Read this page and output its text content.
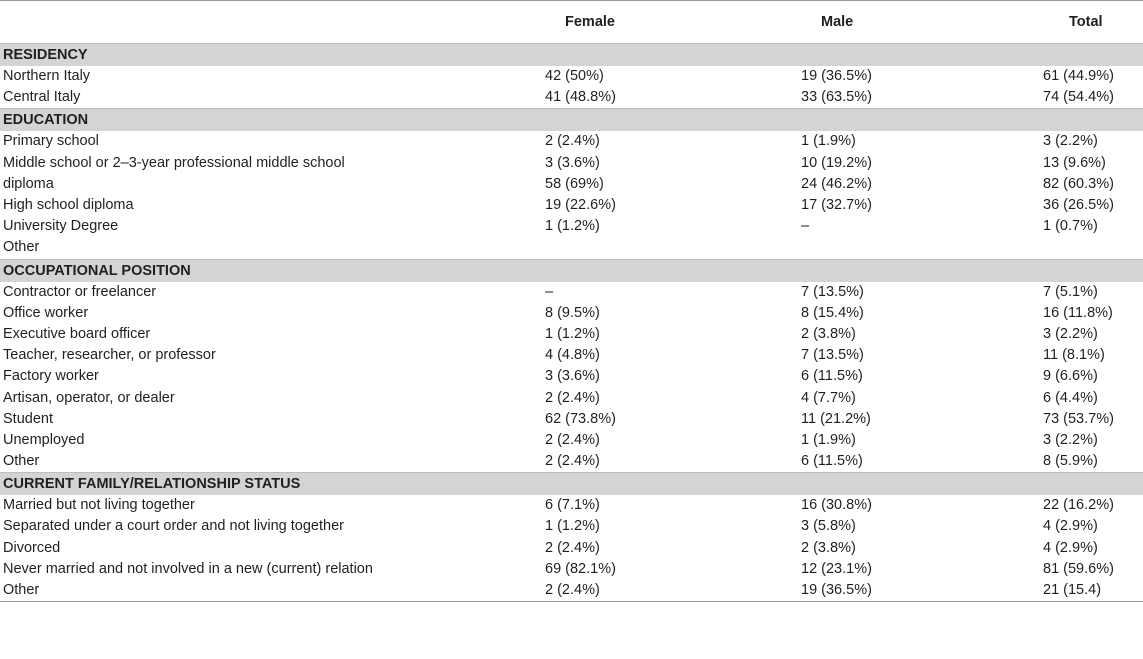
	Female	Male	Total
RESIDENCY			
Northern Italy	42 (50%)	19 (36.5%)	61 (44.9%)
Central Italy	41 (48.8%)	33 (63.5%)	74 (54.4%)
EDUCATION			
Primary school	2 (2.4%)	1 (1.9%)	3 (2.2%)
Middle school or 2–3-year professional middle school	3 (3.6%)	10 (19.2%)	13 (9.6%)
diploma	58 (69%)	24 (46.2%)	82 (60.3%)
High school diploma	19 (22.6%)	17 (32.7%)	36 (26.5%)
University Degree	1 (1.2%)	–	1 (0.7%)
Other			
OCCUPATIONAL POSITION			
Contractor or freelancer	–	7 (13.5%)	7 (5.1%)
Office worker	8 (9.5%)	8 (15.4%)	16 (11.8%)
Executive board officer	1 (1.2%)	2 (3.8%)	3 (2.2%)
Teacher, researcher, or professor	4 (4.8%)	7 (13.5%)	11 (8.1%)
Factory worker	3 (3.6%)	6 (11.5%)	9 (6.6%)
Artisan, operator, or dealer	2 (2.4%)	4 (7.7%)	6 (4.4%)
Student	62 (73.8%)	11 (21.2%)	73 (53.7%)
Unemployed	2 (2.4%)	1 (1.9%)	3 (2.2%)
Other	2 (2.4%)	6 (11.5%)	8 (5.9%)
CURRENT FAMILY/RELATIONSHIP STATUS			
Married but not living together	6 (7.1%)	16 (30.8%)	22 (16.2%)
Separated under a court order and not living together	1 (1.2%)	3 (5.8%)	4 (2.9%)
Divorced	2 (2.4%)	2 (3.8%)	4 (2.9%)
Never married and not involved in a new (current) relation	69 (82.1%)	12 (23.1%)	81 (59.6%)
Other	2 (2.4%)	19 (36.5%)	21 (15.4)
